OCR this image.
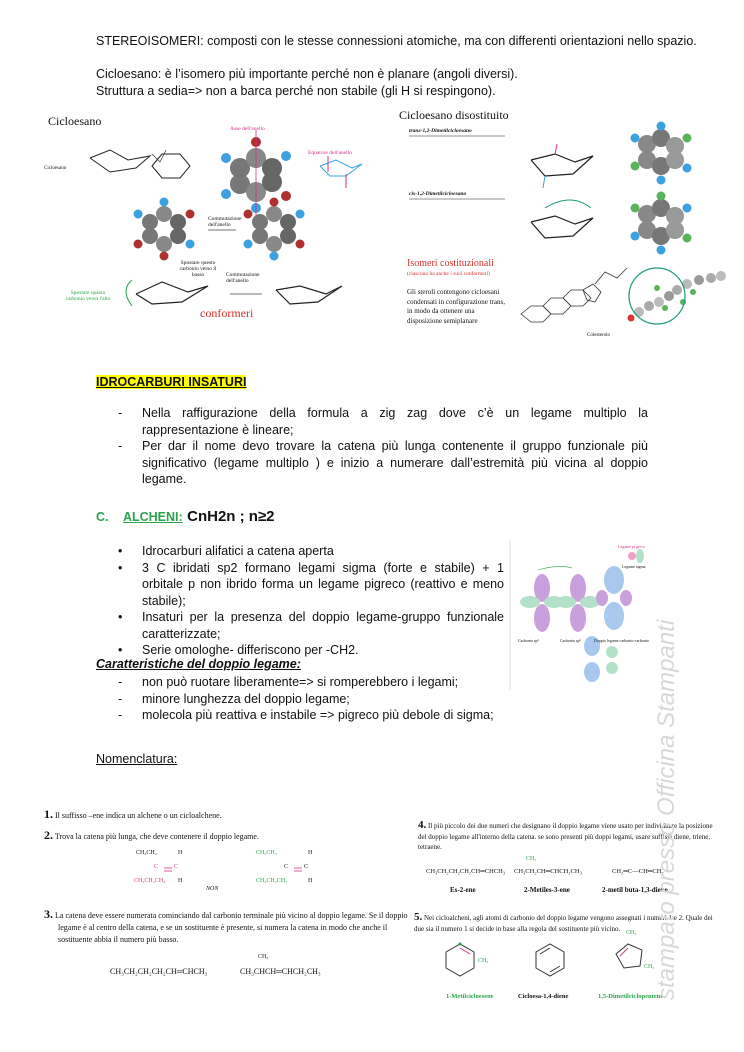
STEREOISOMERI: composti con le stesse connessioni atomiche, ma con differenti orientazioni nello spazio.
Cicloesano: è l’isomero più importante perché non è planare (angoli diversi).
Struttura a sedia=> non a barca perché non stabile (gli H si respingono).
Cicloesano
Cicloesano
Asse dell'anello
Equatore dell'anello
Commutazione dell'anello
Spostare questo carbonio verso il basso
Spostare questo carbonio verso l'alto
Commutazione dell'anello
conformeri
Cicloesano disostituito
trans-1,2-Dimetilcicloesano
cis-1,2-Dimetilcicloesano
Isomeri costituzionali
(ciascuno ha anche i suoi conformeri)
Gli steroli contengono cicloesani condensati in configurazione trans, in modo da ottenere una disposizione semiplanare
Colesterolo
IDROCARBURI INSATURI
- Nella raffigurazione della formula a zig zag dove c’è un legame multiplo la rappresentazione è lineare;
- Per dar il nome devo trovare la catena più lunga contenente il gruppo funzionale più significativo (legame multiplo ) e inizio a numerare dall’estremità più vicina al doppio legame.
C. ALCHENI: CnH2n ; n≥2
• Idrocarburi alifatici a catena aperta
• 3 C ibridati sp2 formano legami sigma (forte e stabile) + 1 orbitale p non ibrido forma un legame pigreco (reattivo e meno stabile);
• Insaturi per la presenza del doppio legame-gruppo funzionale caratterizzate;
• Serie omologhe- differiscono per -CH2.
Carbonio sp²	Carbonio sp²	Doppio legame carbonio-carbonio
Legame sigma
Legame pi greco
Caratteristiche del doppio legame:
- non può ruotare liberamente=> si romperebbero i legami;
- minore lunghezza del doppio legame;
- molecola più reattiva e instabile => pigreco più debole di sigma;
Nomenclatura:
1. Il suffisso –ene indica un alchene o un cicloalchene.
2. Trova la catena più lunga, che deve contenere il doppio legame.
CH₃CH₂
C	C
H
H
CH₂CH₂CH₃
NON
CH₂CH₃
C	C
H
H
CH₂CH₂CH₃
3. La catena deve essere numerata cominciando dal carbonio terminale più vicino al doppio legame. Se il doppio legame è al centro della catena, e se un sostituente è presente, si numera la catena in modo che anche il sostituente abbia il numero più basso.
CH₃CH₂CH₂CH₂CH═CHCH₃
CH₃
CH₃CHCH═CHCH₂CH₃
4. Il più piccolo dei due numeri che designano il doppio legame viene usato per individuare la posizione del doppio legame all'interno della catena. se sono presenti più doppi legami, usare suffissi diene, triene, tetraene.
CH₃CH₂CH₂CH₂CH═CHCH₃
Es-2-ene
CH₃
CH₃CH₂CH═CHCH₂CH₃
2-Metiles-3-ene
CH₂═C—CH═CH₂
2-metil buta-1,3-diene
5. Nei cicloalcheni, agli atomi di carbonio del doppio legame vengono assegnati i numeri 1 e 2. Quale dei due sia il numero 1 si decide in base alla regola del sostituente più vicino.
CH₃
CH₃
CH₃
1-Metilcicloesene	Cicloesa-1,4-diene	1,5-Dimetilciclopentene
stampato presso Officina Stampanti
